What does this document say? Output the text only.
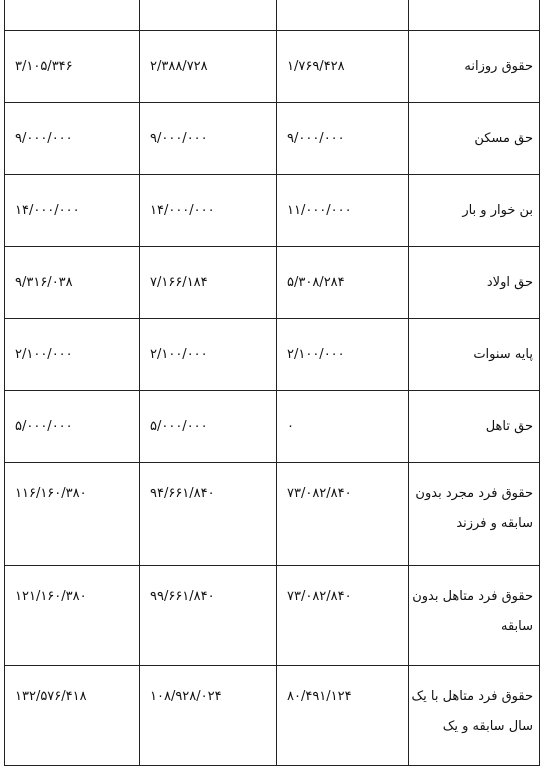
حقوق روزانه	۱/۷۶۹/۴۲۸	۲/۳۸۸/۷۲۸	۳/۱۰۵/۳۴۶
حق مسکن	۹/۰۰۰/۰۰۰	۹/۰۰۰/۰۰۰	۹/۰۰۰/۰۰۰
بن خوار و بار	۱۱/۰۰۰/۰۰۰	۱۴/۰۰۰/۰۰۰	۱۴/۰۰۰/۰۰۰
حق اولاد	۵/۳۰۸/۲۸۴	۷/۱۶۶/۱۸۴	۹/۳۱۶/۰۳۸
پایه سنوات	۲/۱۰۰/۰۰۰	۲/۱۰۰/۰۰۰	۲/۱۰۰/۰۰۰
حق تاهل	۰	۵/۰۰۰/۰۰۰	۵/۰۰۰/۰۰۰
حقوق فرد مجرد بدون سابقه و فرزند	۷۳/۰۸۲/۸۴۰	۹۴/۶۶۱/۸۴۰	۱۱۶/۱۶۰/۳۸۰
حقوق فرد متاهل بدون سابقه	۷۳/۰۸۲/۸۴۰	۹۹/۶۶۱/۸۴۰	۱۲۱/۱۶۰/۳۸۰
حقوق فرد متاهل با یک سال سابقه و یک	۸۰/۴۹۱/۱۲۴	۱۰۸/۹۲۸/۰۲۴	۱۳۲/۵۷۶/۴۱۸
